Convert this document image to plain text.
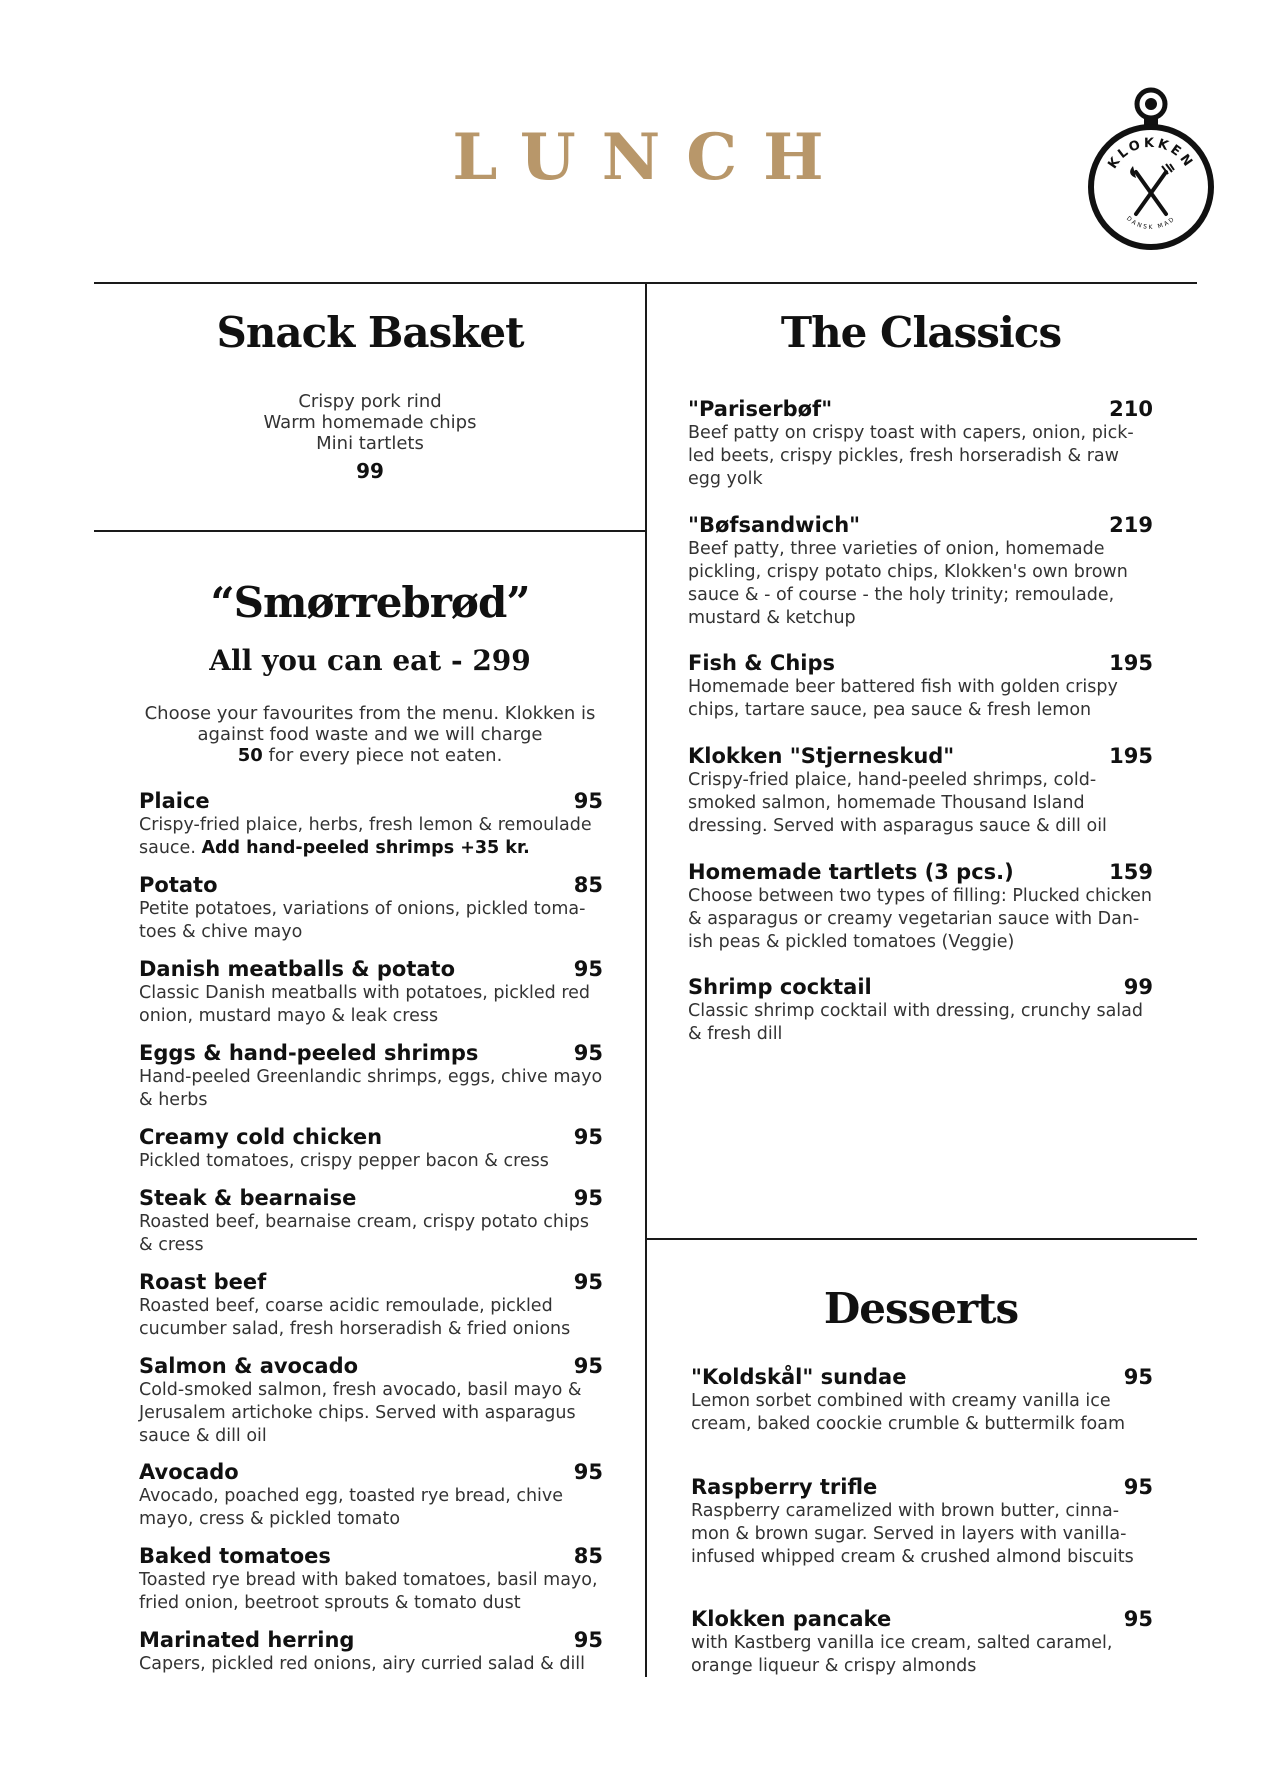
LUNCH	KLOKKEN
DANSK MAD
Snack Basket
Crispy pork rind
Warm homemade chips
Mini tartlets
99
“Smørrebrød”
All you can eat - 299
Choose your favourites from the menu. Klokken is
against food waste and we will charge
50 for every piece not eaten.
Plaice	95
Crispy-fried plaice, herbs, fresh lemon & remoulade sauce. Add hand-peeled shrimps +35 kr.
Potato	85
Petite potatoes, variations of onions, pickled toma-toes & chive mayo
Danish meatballs & potato	95
Classic Danish meatballs with potatoes, pickled red onion, mustard mayo & leak cress
Eggs & hand-peeled shrimps	95
Hand-peeled Greenlandic shrimps, eggs, chive mayo & herbs
Creamy cold chicken	95
Pickled tomatoes, crispy pepper bacon & cress
Steak & bearnaise	95
Roasted beef, bearnaise cream, crispy potato chips & cress
Roast beef	95
Roasted beef, coarse acidic remoulade, pickled cucumber salad, fresh horseradish & fried onions
Salmon & avocado	95
Cold-smoked salmon, fresh avocado, basil mayo & Jerusalem artichoke chips. Served with asparagus sauce & dill oil
Avocado	95
Avocado, poached egg, toasted rye bread, chive mayo, cress & pickled tomato
Baked tomatoes	85
Toasted rye bread with baked tomatoes, basil mayo, fried onion, beetroot sprouts & tomato dust
Marinated herring	95
Capers, pickled red onions, airy curried salad & dill
"Pariserbøf"	210
Beef patty on crispy toast with capers, onion, pick-led beets, crispy pickles, fresh horseradish & raw egg yolk
"Bøfsandwich"	219
Beef patty, three varieties of onion, homemade pickling, crispy potato chips, Klokken's own brown sauce & - of course - the holy trinity; remoulade, mustard & ketchup
Fish & Chips	195
Homemade beer battered fish with golden crispy chips, tartare sauce, pea sauce & fresh lemon
Klokken "Stjerneskud"	195
Crispy-fried plaice, hand-peeled shrimps, cold-smoked salmon, homemade Thousand Island dressing. Served with asparagus sauce & dill oil
Homemade tartlets (3 pcs.)	159
Choose between two types of filling: Plucked chicken & asparagus or creamy vegetarian sauce with Dan-ish peas & pickled tomatoes (Veggie)
Shrimp cocktail	99
Classic shrimp cocktail with dressing, crunchy salad & fresh dill
The Classics
Desserts
"Koldskål" sundae	95
Lemon sorbet combined with creamy vanilla ice cream, baked coockie crumble & buttermilk foam
Raspberry trifle	95
Raspberry caramelized with brown butter, cinna-mon & brown sugar. Served in layers with vanilla-infused whipped cream & crushed almond biscuits
Klokken pancake	95
with Kastberg vanilla ice cream, salted caramel, orange liqueur & crispy almonds
